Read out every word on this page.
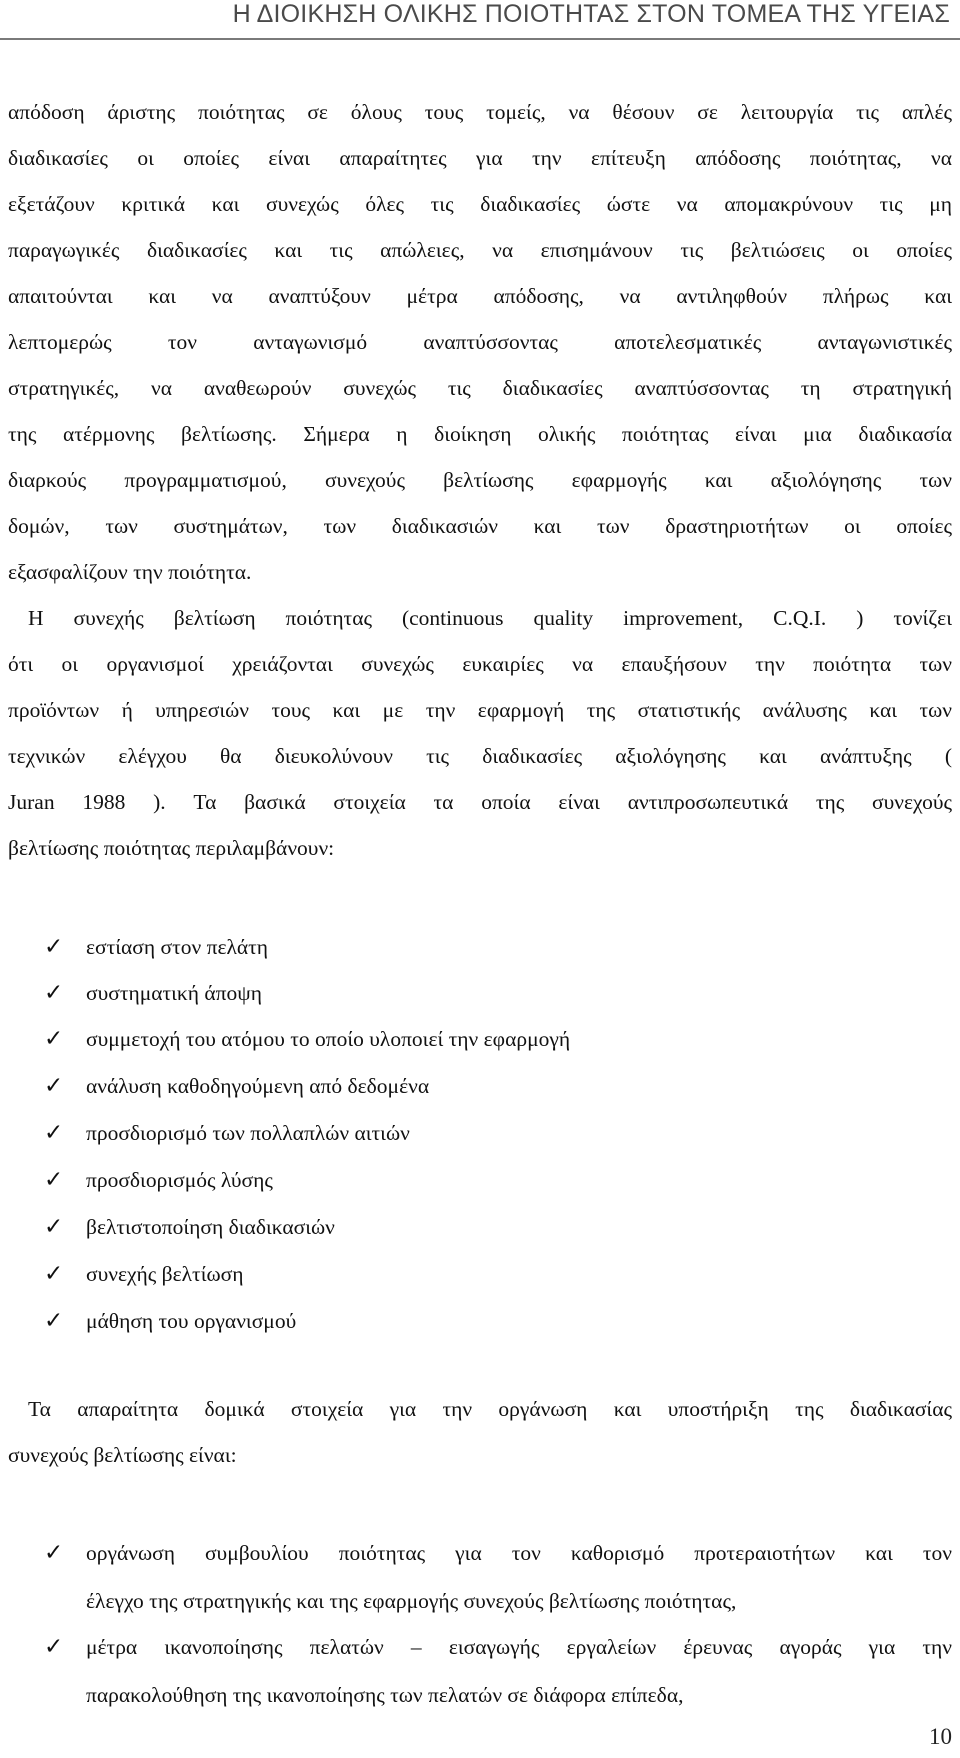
Η ΔΙΟΙΚΗΣΗ ΟΛΙΚΗΣ ΠΟΙΟΤΗΤΑΣ ΣΤΟΝ ΤΟΜΕΑ ΤΗΣ ΥΓΕΙΑΣ
απόδοση άριστης ποιότητας σε όλους τους τομείς, να θέσουν σε λειτουργία τις απλές
διαδικασίες οι οποίες είναι απαραίτητες για την επίτευξη απόδοσης ποιότητας, να
εξετάζουν κριτικά και συνεχώς όλες τις διαδικασίες ώστε να απομακρύνουν τις μη
παραγωγικές διαδικασίες και τις απώλειες, να επισημάνουν τις βελτιώσεις οι οποίες
απαιτούνται και να αναπτύξουν μέτρα απόδοσης, να αντιληφθούν πλήρως και
λεπτομερώς τον ανταγωνισμό αναπτύσσοντας αποτελεσματικές ανταγωνιστικές
στρατηγικές, να αναθεωρούν συνεχώς τις διαδικασίες αναπτύσσοντας τη στρατηγική
της ατέρμονης βελτίωσης. Σήμερα η διοίκηση ολικής ποιότητας είναι μια διαδικασία
διαρκούς προγραμματισμού, συνεχούς βελτίωσης εφαρμογής και αξιολόγησης των
δομών, των συστημάτων, των διαδικασιών και των δραστηριοτήτων οι οποίες
εξασφαλίζουν την ποιότητα.
Η συνεχής βελτίωση ποιότητας (continuous quality improvement, C.Q.I. ) τονίζει
ότι οι οργανισμοί χρειάζονται συνεχώς ευκαιρίες να επαυξήσουν την ποιότητα των
προϊόντων ή υπηρεσιών τους και με την εφαρμογή της στατιστικής ανάλυσης και των
τεχνικών ελέγχου θα διευκολύνουν τις διαδικασίες αξιολόγησης και ανάπτυξης (
Juran 1988 ). Τα βασικά στοιχεία τα οποία είναι αντιπροσωπευτικά της συνεχούς
βελτίωσης ποιότητας περιλαμβάνουν:
✓ εστίαση στον πελάτη
✓ συστηματική άποψη
✓ συμμετοχή του ατόμου το οποίο υλοποιεί την εφαρμογή
✓ ανάλυση καθοδηγούμενη από δεδομένα
✓ προσδιορισμό των πολλαπλών αιτιών
✓ προσδιορισμός λύσης
✓ βελτιστοποίηση διαδικασιών
✓ συνεχής βελτίωση
✓ μάθηση του οργανισμού
Τα απαραίτητα δομικά στοιχεία για την οργάνωση και υποστήριξη της διαδικασίας
συνεχούς βελτίωσης είναι:
✓ οργάνωση συμβουλίου ποιότητας για τον καθορισμό προτεραιοτήτων και τον
έλεγχο της στρατηγικής και της εφαρμογής συνεχούς βελτίωσης ποιότητας,
✓ μέτρα ικανοποίησης πελατών – εισαγωγής εργαλείων έρευνας αγοράς για την
παρακολούθηση της ικανοποίησης των πελατών σε διάφορα επίπεδα,
10
